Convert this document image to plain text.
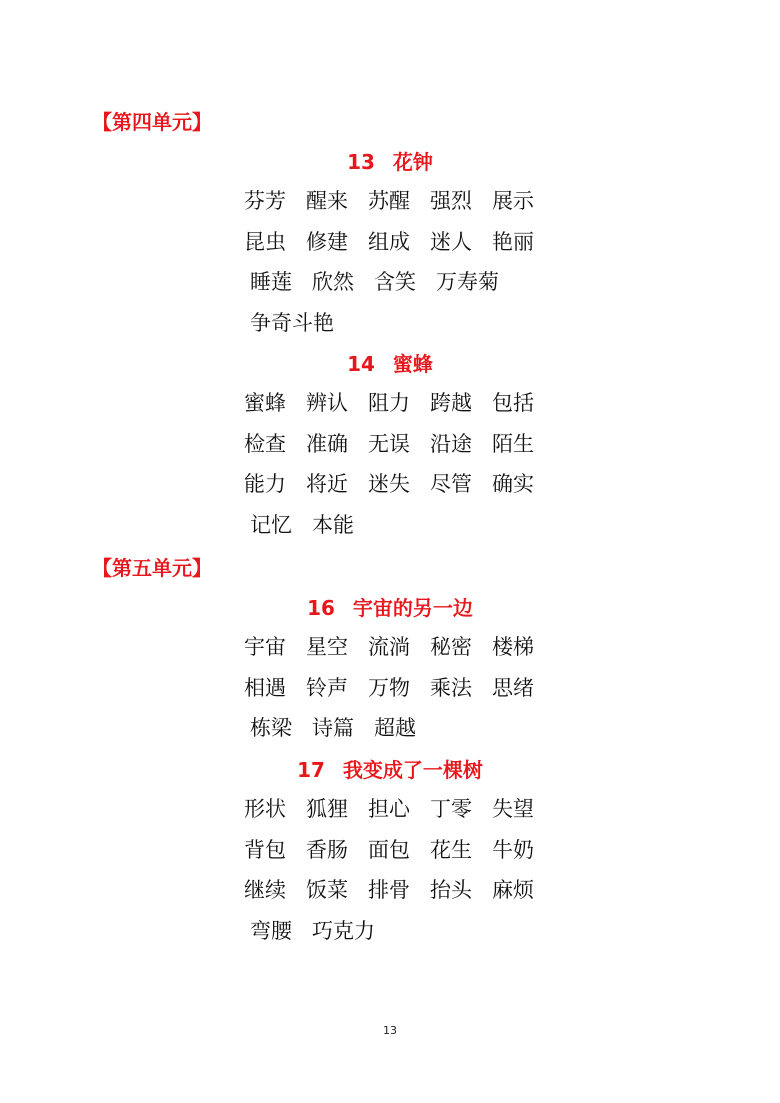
【第四单元】
13 花钟
芬芳 醒来 苏醒 强烈 展示
昆虫 修建 组成 迷人 艳丽
睡莲 欣然 含笑 万寿菊
争奇斗艳
14 蜜蜂
蜜蜂 辨认 阻力 跨越 包括
检查 准确 无误 沿途 陌生
能力 将近 迷失 尽管 确实
记忆 本能
【第五单元】
16 宇宙的另一边
宇宙 星空 流淌 秘密 楼梯
相遇 铃声 万物 乘法 思绪
栋梁 诗篇 超越
17 我变成了一棵树
形状 狐狸 担心 丁零 失望
背包 香肠 面包 花生 牛奶
继续 饭菜 排骨 抬头 麻烦
弯腰 巧克力
13
